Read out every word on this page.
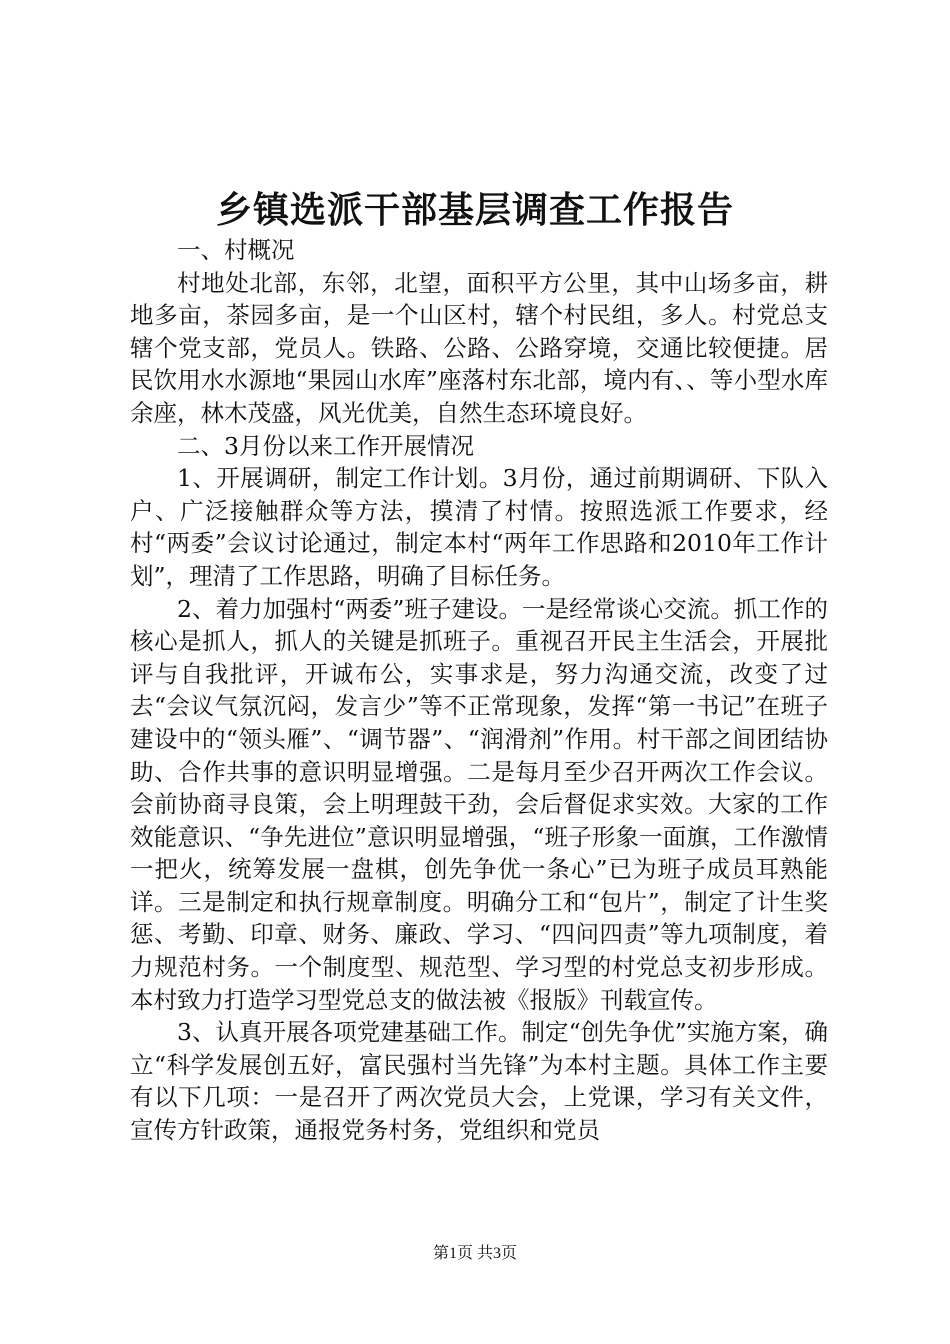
乡镇选派干部基层调查工作报告

一、村概况

村地处北部，东邻，北望，面积平方公里，其中山场多亩，耕地多亩，茶园多亩，是一个山区村，辖个村民组，多人。村党总支辖个党支部，党员人。铁路、公路、公路穿境，交通比较便捷。居民饮用水水源地“果园山水库”座落村东北部，境内有、、等小型水库余座，林木茂盛，风光优美，自然生态环境良好。

二、3月份以来工作开展情况

1、开展调研，制定工作计划。3月份，通过前期调研、下队入户、广泛接触群众等方法，摸清了村情。按照选派工作要求，经村“两委”会议讨论通过，制定本村“两年工作思路和2010年工作计划”，理清了工作思路，明确了目标任务。

2、着力加强村“两委”班子建设。一是经常谈心交流。抓工作的核心是抓人，抓人的关键是抓班子。重视召开民主生活会，开展批评与自我批评，开诚布公，实事求是，努力沟通交流，改变了过去“会议气氛沉闷，发言少”等不正常现象，发挥“第一书记”在班子建设中的“领头雁”、“调节器”、“润滑剂”作用。村干部之间团结协助、合作共事的意识明显增强。二是每月至少召开两次工作会议。会前协商寻良策，会上明理鼓干劲，会后督促求实效。大家的工作效能意识、“争先进位”意识明显增强，“班子形象一面旗，工作激情一把火，统筹发展一盘棋，创先争优一条心”已为班子成员耳熟能详。三是制定和执行规章制度。明确分工和“包片”，制定了计生奖惩、考勤、印章、财务、廉政、学习、“四问四责”等九项制度，着力规范村务。一个制度型、规范型、学习型的村党总支初步形成。本村致力打造学习型党总支的做法被《报版》刊载宣传。

3、认真开展各项党建基础工作。制定“创先争优”实施方案，确立“科学发展创五好，富民强村当先锋”为本村主题。具体工作主要有以下几项：一是召开了两次党员大会，上党课，学习有关文件，宣传方针政策，通报党务村务，党组织和党员

第1页 共3页
